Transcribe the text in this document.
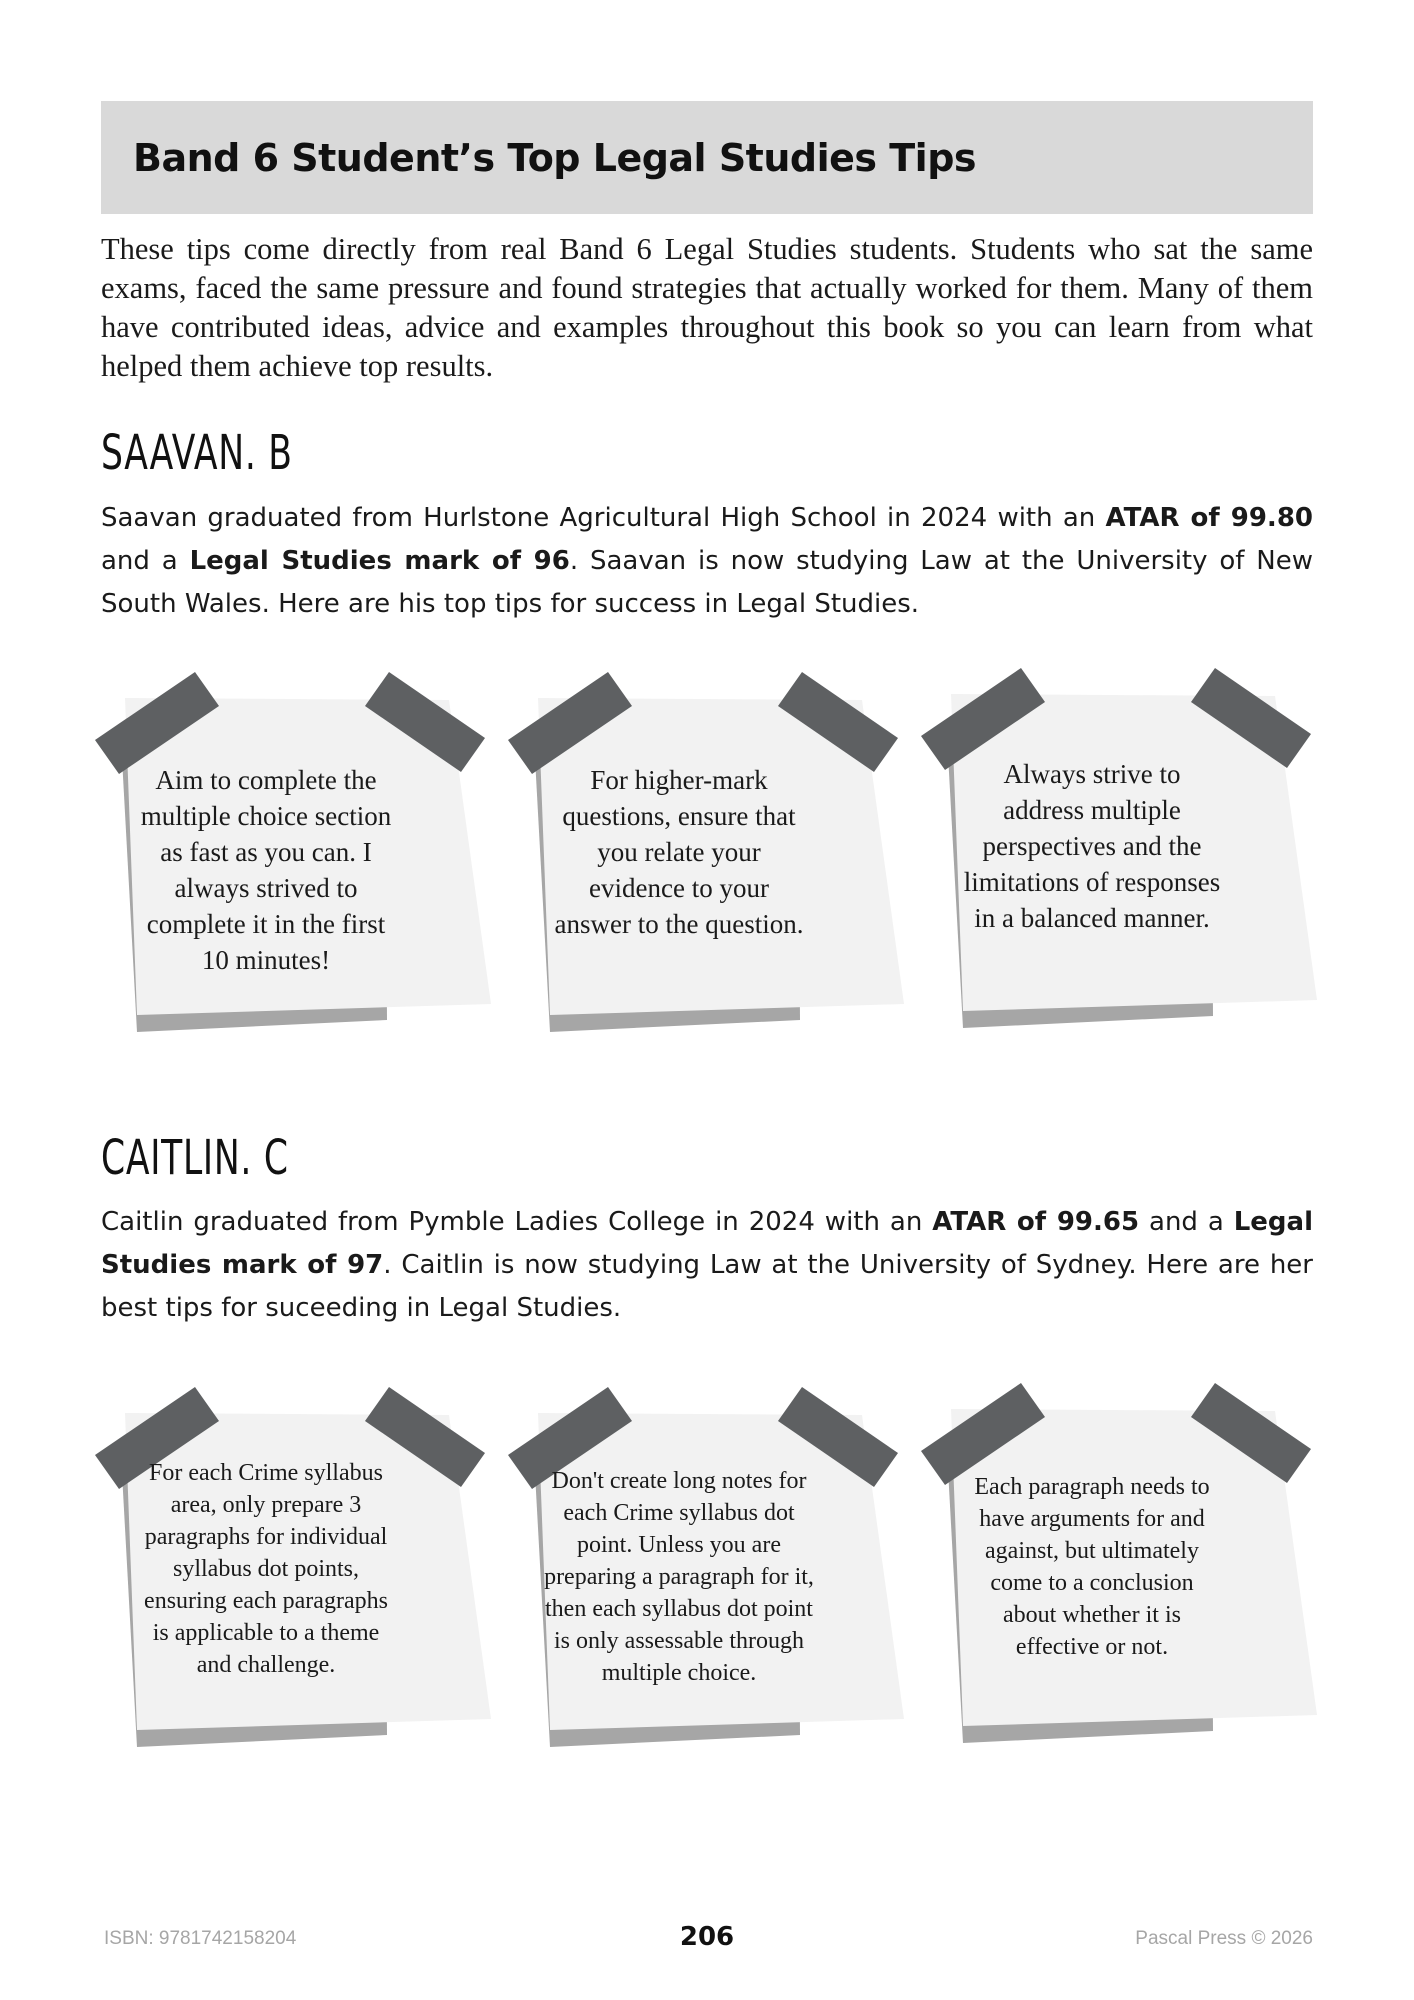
Band 6 Student’s Top Legal Studies Tips

These tips come directly from real Band 6 Legal Studies students. Students who sat the same exams, faced the same pressure and found strategies that actually worked for them. Many of them have contributed ideas, advice and examples throughout this book so you can learn from what helped them achieve top results.

SAAVAN. B

Saavan graduated from Hurlstone Agricultural High School in 2024 with an ATAR of 99.80 and a Legal Studies mark of 96. Saavan is now studying Law at the University of New South Wales. Here are his top tips for success in Legal Studies.

Aim to complete the multiple choice section as fast as you can. I always strived to complete it in the first 10 minutes!
For higher-mark questions, ensure that you relate your evidence to your answer to the question.
Always strive to address multiple perspectives and the limitations of responses in a balanced manner.
CAITLIN. C

Caitlin graduated from Pymble Ladies College in 2024 with an ATAR of 99.65 and a Legal Studies mark of 97. Caitlin is now studying Law at the University of Sydney. Here are her best tips for suceeding in Legal Studies.

For each Crime syllabus area, only prepare 3 paragraphs for individual syllabus dot points, ensuring each paragraphs is applicable to a theme and challenge.
Don't create long notes for each Crime syllabus dot point. Unless you are preparing a paragraph for it, then each syllabus dot point is only assessable through multiple choice.
Each paragraph needs to have arguments for and against, but ultimately come to a conclusion about whether it is effective or not.
ISBN: 9781742158204	206	Pascal Press © 2026
